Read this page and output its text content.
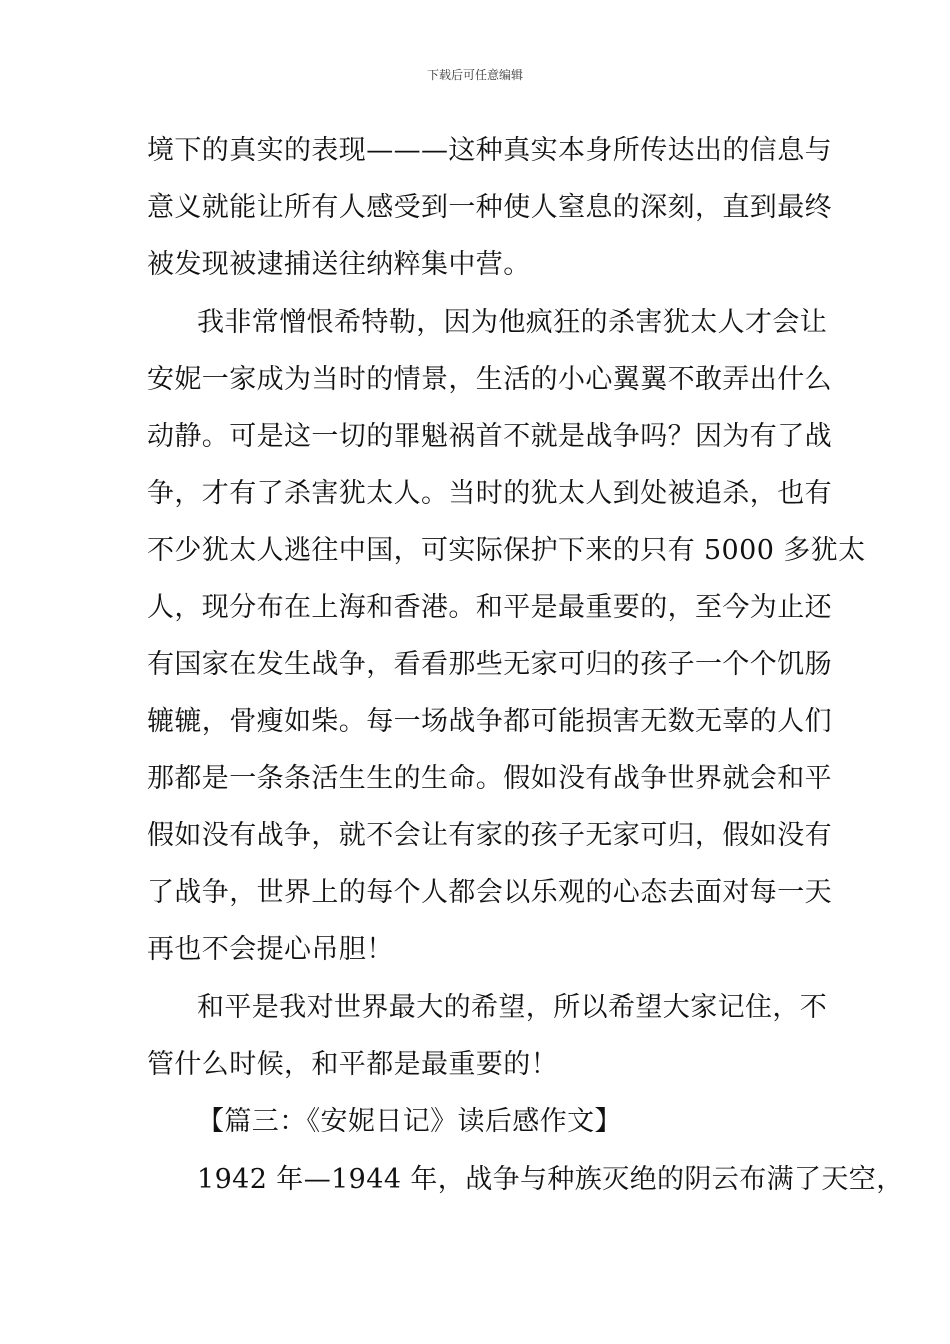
下载后可任意编辑
境下的真实的表现———这种真实本身所传达出的信息与
意义就能让所有人感受到一种使人窒息的深刻，直到最终
被发现被逮捕送往纳粹集中营。
我非常憎恨希特勒，因为他疯狂的杀害犹太人才会让
安妮一家成为当时的情景，生活的小心翼翼不敢弄出什么
动静。可是这一切的罪魁祸首不就是战争吗？因为有了战
争，才有了杀害犹太人。当时的犹太人到处被追杀，也有
不少犹太人逃往中国，可实际保护下来的只有 5000 多犹太
人，现分布在上海和香港。和平是最重要的，至今为止还
有国家在发生战争，看看那些无家可归的孩子一个个饥肠
辘辘，骨瘦如柴。每一场战争都可能损害无数无辜的人们
那都是一条条活生生的生命。假如没有战争世界就会和平
假如没有战争，就不会让有家的孩子无家可归，假如没有
了战争，世界上的每个人都会以乐观的心态去面对每一天
再也不会提心吊胆！
和平是我对世界最大的希望，所以希望大家记住，不
管什么时候，和平都是最重要的！
【篇三：《安妮日记》读后感作文】
1942 年—1944 年，战争与种族灭绝的阴云布满了天空，
